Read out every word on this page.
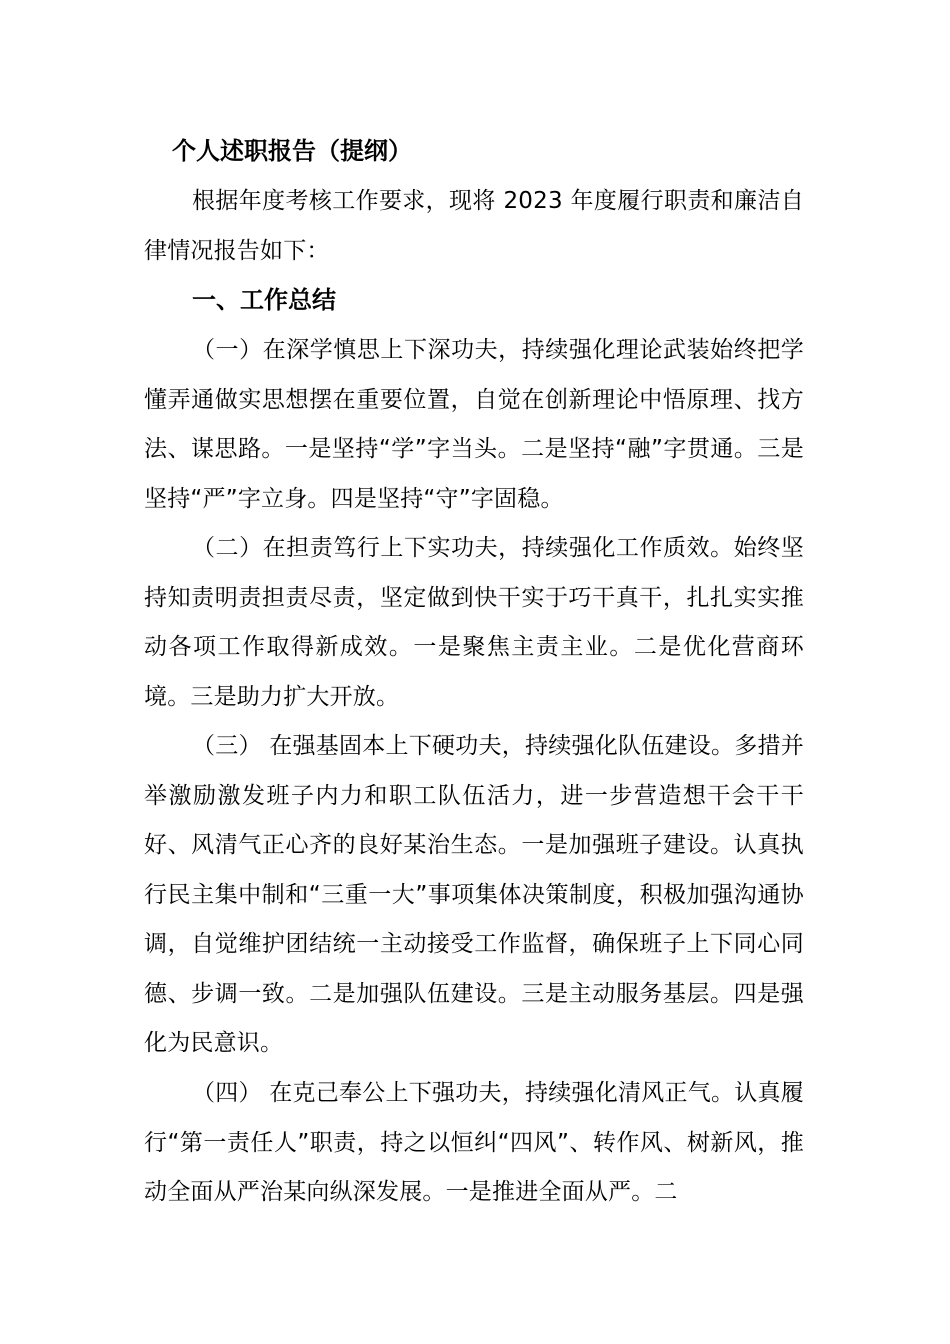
个人述职报告（提纲）

根据年度考核工作要求，现将 2023 年度履行职责和廉洁自律情况报告如下：

一、工作总结

（一）在深学慎思上下深功夫，持续强化理论武装始终把学懂弄通做实思想摆在重要位置，自觉在创新理论中悟原理、找方法、谋思路。一是坚持“学”字当头。二是坚持“融”字贯通。三是坚持“严”字立身。四是坚持“守”字固稳。

（二）在担责笃行上下实功夫，持续强化工作质效。始终坚持知责明责担责尽责，坚定做到快干实于巧干真干，扎扎实实推动各项工作取得新成效。一是聚焦主责主业。二是优化营商环境。三是助力扩大开放。

（三） 在强基固本上下硬功夫，持续强化队伍建设。多措并举激励激发班子内力和职工队伍活力，进一步营造想干会干干好、风清气正心齐的良好某治生态。一是加强班子建设。认真执行民主集中制和“三重一大”事项集体决策制度，积极加强沟通协调，自觉维护团结统一主动接受工作监督，确保班子上下同心同德、步调一致。二是加强队伍建设。三是主动服务基层。四是强化为民意识。

（四） 在克己奉公上下强功夫，持续强化清风正气。认真履行“第一责任人”职责，持之以恒纠“四风”、转作风、树新风，推动全面从严治某向纵深发展。一是推进全面从严。二
